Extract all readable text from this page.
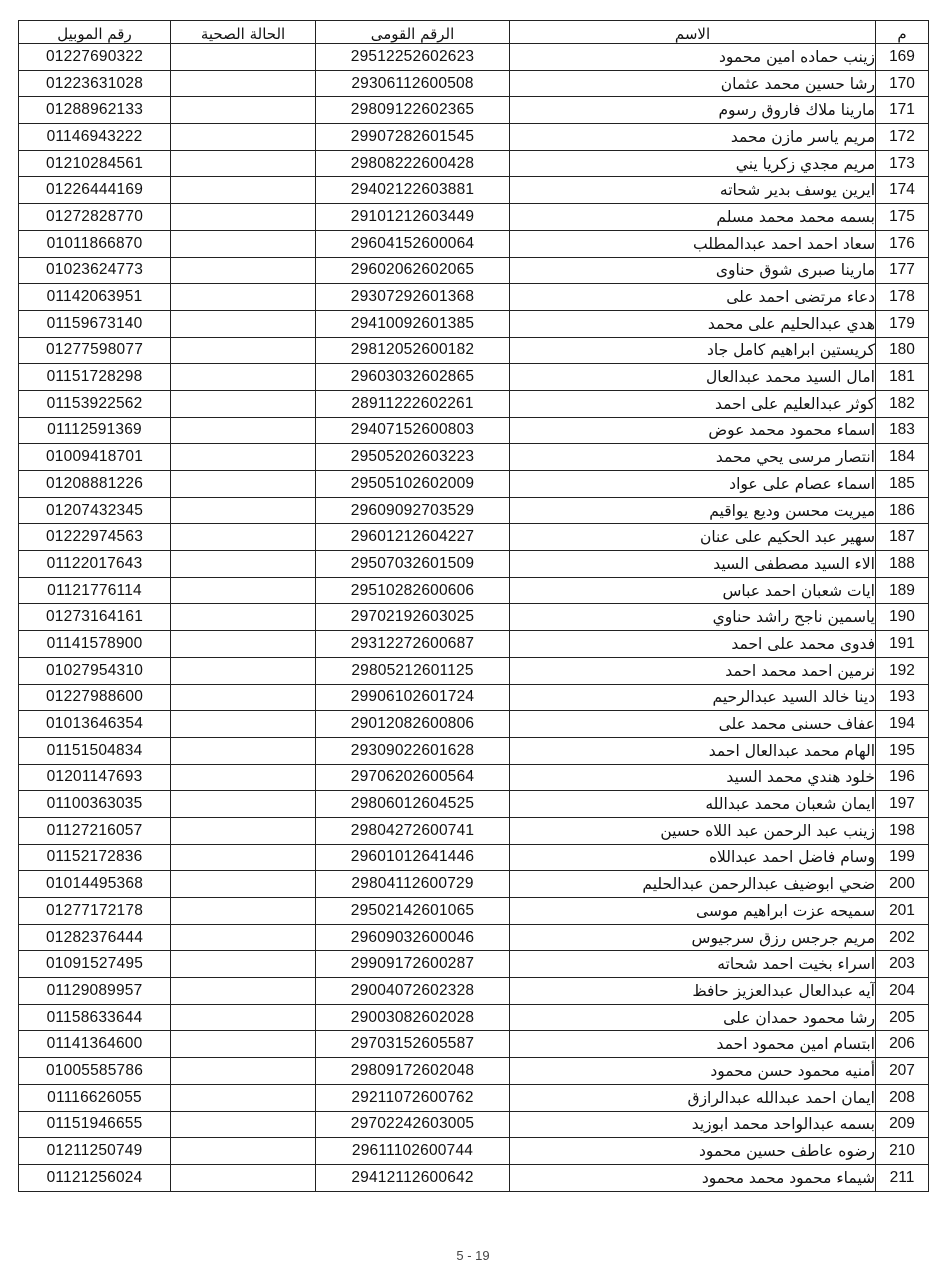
م	الاسم	الرقم القومى	الحالة الصحية	رقم الموبيل
169	زينب حماده امين محمود	29512252602623		01227690322
170	رشا حسين محمد عثمان	29306112600508		01223631028
171	مارينا ملاك فاروق رسوم	29809122602365		01288962133
172	مريم ياسر مازن محمد	29907282601545		01146943222
173	مريم مجدي زكريا يني	29808222600428		01210284561
174	ايرين يوسف بدير شحاته	29402122603881		01226444169
175	بسمه محمد محمد مسلم	29101212603449		01272828770
176	سعاد احمد احمد عبدالمطلب	29604152600064		01011866870
177	مارينا صبرى شوق حناوى	29602062602065		01023624773
178	دعاء مرتضى احمد على	29307292601368		01142063951
179	هدي عبدالحليم على محمد	29410092601385		01159673140
180	كريستين ابراهيم كامل جاد	29812052600182		01277598077
181	امال السيد محمد عبدالعال	29603032602865		01151728298
182	كوثر عبدالعليم على احمد	28911222602261		01153922562
183	اسماء محمود محمد عوض	29407152600803		01112591369
184	انتصار مرسى يحي محمد	29505202603223		01009418701
185	اسماء عصام على عواد	29505102602009		01208881226
186	ميريت محسن وديع يواقيم	29609092703529		01207432345
187	سهير عبد الحكيم على عنان	29601212604227		01222974563
188	الاء السيد مصطفى السيد	29507032601509		01122017643
189	ايات شعبان احمد عباس	29510282600606		01121776114
190	ياسمين ناجح راشد حناوي	29702192603025		01273164161
191	فدوى محمد على احمد	29312272600687		01141578900
192	نرمين احمد محمد احمد	29805212601125		01027954310
193	دينا خالد السيد عبدالرحيم	29906102601724		01227988600
194	عفاف حسنى محمد على	29012082600806		01013646354
195	الهام محمد عبدالعال احمد	29309022601628		01151504834
196	خلود هندي محمد السيد	29706202600564		01201147693
197	ايمان شعبان محمد عبدالله	29806012604525		01100363035
198	زينب عبد الرحمن عبد اللاه حسين	29804272600741		01127216057
199	وسام فاضل احمد عبداللاه	29601012641446		01152172836
200	ضحي ابوضيف عبدالرحمن عبدالحليم	29804112600729		01014495368
201	سميحه عزت ابراهيم موسى	29502142601065		01277172178
202	مريم جرجس رزق سرجيوس	29609032600046		01282376444
203	اسراء بخيت احمد شحاته	29909172600287		01091527495
204	آيه عبدالعال عبدالعزيز حافظ	29004072602328		01129089957
205	رشا محمود حمدان على	29003082602028		01158633644
206	ابتسام امين محمود احمد	29703152605587		01141364600
207	أمنيه محمود حسن محمود	29809172602048		01005585786
208	ايمان احمد عبدالله عبدالرازق	29211072600762		01116626055
209	بسمه عبدالواحد محمد ابوزيد	29702242603005		01151946655
210	رضوه عاطف حسين محمود	29611102600744		01211250749
211	شيماء محمود محمد محمود	29412112600642		01121256024
5 - 19
